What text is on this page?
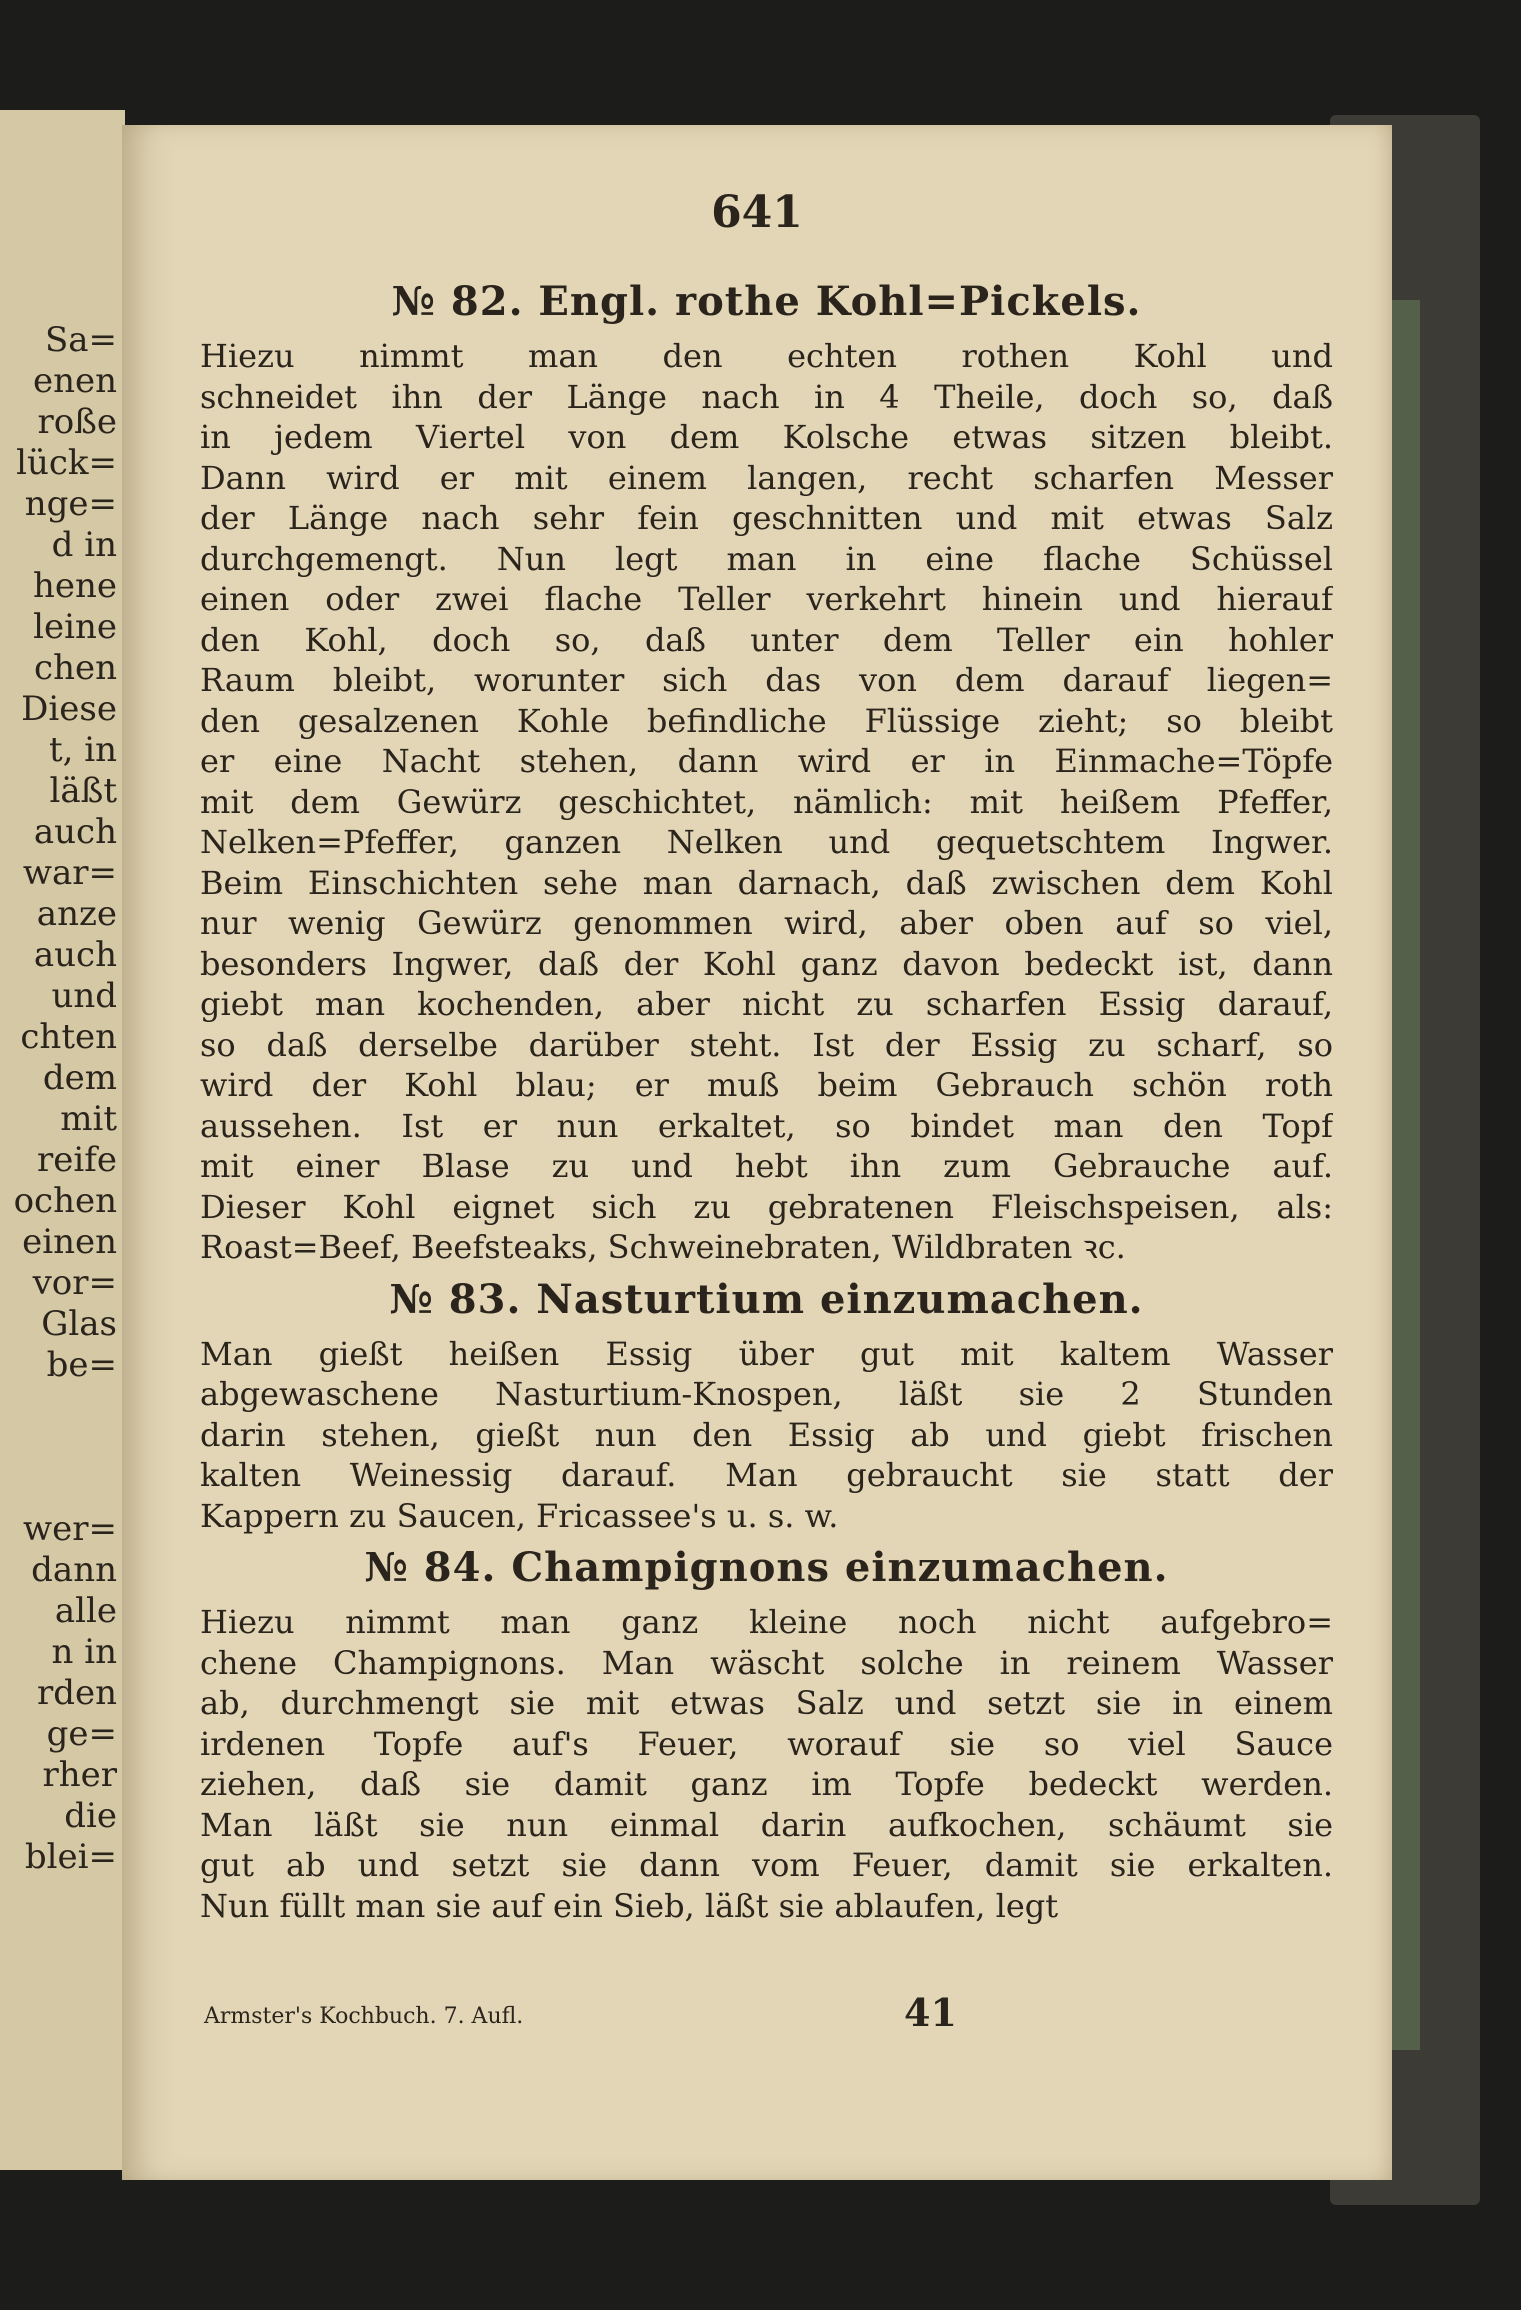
Sa=
enen
roße
lück=
nge=
d in
hene
leine
chen
Diese
t, in
läßt
auch
war=
anze
auch
und
chten
dem
mit
reife
ochen
einen
vor=
Glas
be=
wer=
dann
alle
n in
rden
ge=
rher
die
blei=
641
№ 82. Engl. rothe Kohl=Pickels.
Hiezu nimmt man den echten rothen Kohl und
schneidet ihn der Länge nach in 4 Theile, doch so, daß
in jedem Viertel von dem Kolsche etwas sitzen bleibt.
Dann wird er mit einem langen, recht scharfen Messer
der Länge nach sehr fein geschnitten und mit etwas Salz
durchgemengt. Nun legt man in eine flache Schüssel
einen oder zwei flache Teller verkehrt hinein und hierauf
den Kohl, doch so, daß unter dem Teller ein hohler
Raum bleibt, worunter sich das von dem darauf liegen=
den gesalzenen Kohle befindliche Flüssige zieht; so bleibt
er eine Nacht stehen, dann wird er in Einmache=Töpfe
mit dem Gewürz geschichtet, nämlich: mit heißem Pfeffer,
Nelken=Pfeffer, ganzen Nelken und gequetschtem Ingwer.
Beim Einschichten sehe man darnach, daß zwischen dem Kohl
nur wenig Gewürz genommen wird, aber oben auf so viel,
besonders Ingwer, daß der Kohl ganz davon bedeckt ist, dann
giebt man kochenden, aber nicht zu scharfen Essig darauf,
so daß derselbe darüber steht. Ist der Essig zu scharf, so
wird der Kohl blau; er muß beim Gebrauch schön roth
aussehen. Ist er nun erkaltet, so bindet man den Topf
mit einer Blase zu und hebt ihn zum Gebrauche auf.
Dieser Kohl eignet sich zu gebratenen Fleischspeisen, als:
Roast=Beef, Beefsteaks, Schweinebraten, Wildbraten ꝛc.
№ 83. Nasturtium einzumachen.
Man gießt heißen Essig über gut mit kaltem Wasser
abgewaschene Nasturtium-Knospen, läßt sie 2 Stunden
darin stehen, gießt nun den Essig ab und giebt frischen
kalten Weinessig darauf. Man gebraucht sie statt der
Kappern zu Saucen, Fricassee's u. s. w.
№ 84. Champignons einzumachen.
Hiezu nimmt man ganz kleine noch nicht aufgebro=
chene Champignons. Man wäscht solche in reinem Wasser
ab, durchmengt sie mit etwas Salz und setzt sie in einem
irdenen Topfe auf's Feuer, worauf sie so viel Sauce
ziehen, daß sie damit ganz im Topfe bedeckt werden.
Man läßt sie nun einmal darin aufkochen, schäumt sie
gut ab und setzt sie dann vom Feuer, damit sie erkalten.
Nun füllt man sie auf ein Sieb, läßt sie ablaufen, legt
Armster's Kochbuch. 7. Aufl.	41
